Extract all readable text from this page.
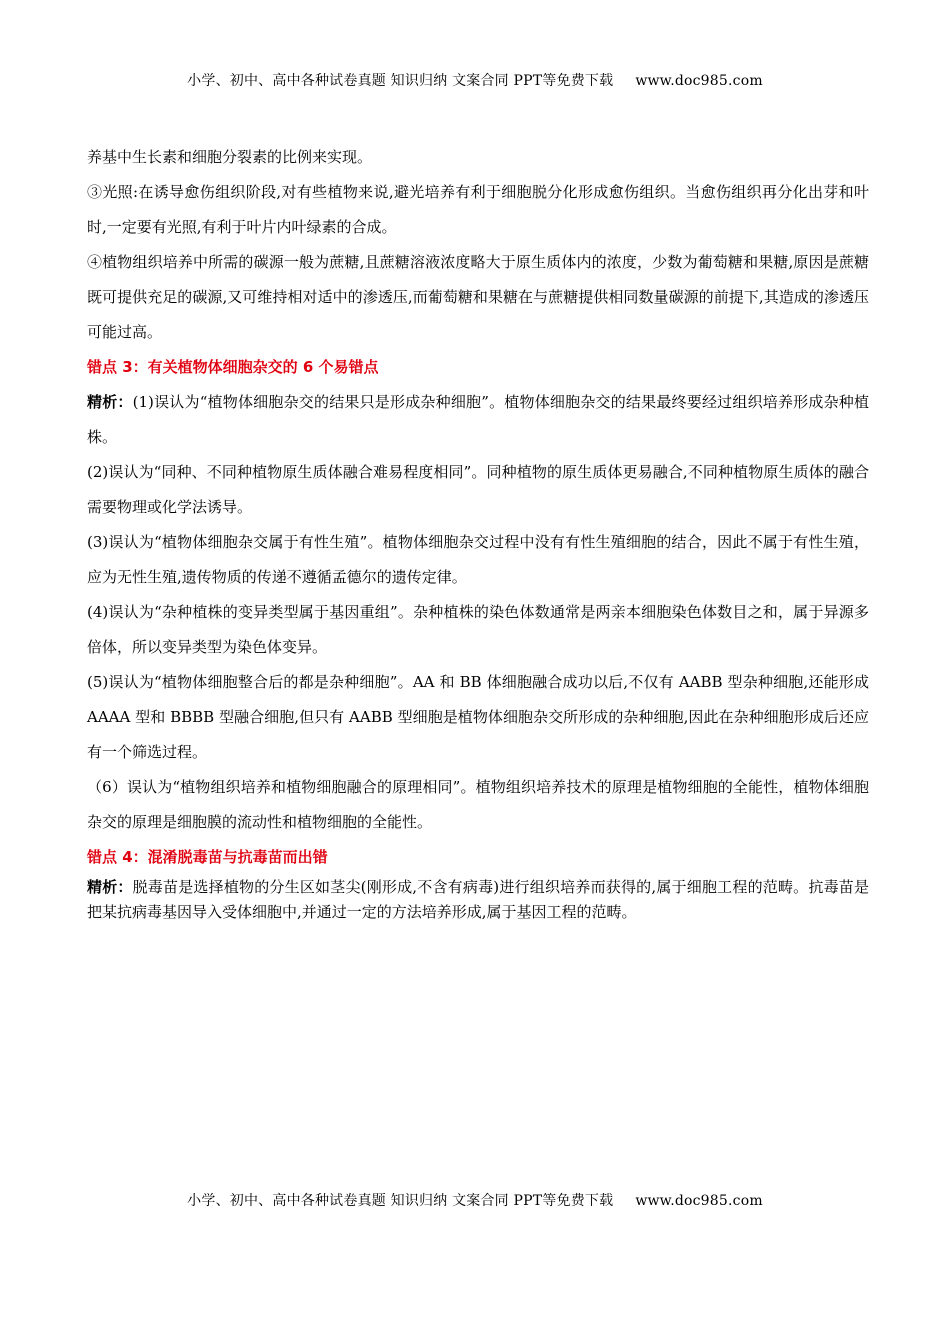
小学、初中、高中各种试卷真题 知识归纳 文案合同 PPT等免费下载 www.doc985.com

养基中生长素和细胞分裂素的比例来实现。

③光照:在诱导愈伤组织阶段,对有些植物来说,避光培养有利于细胞脱分化形成愈伤组织。当愈伤组织再分化出芽和叶时,一定要有光照,有利于叶片内叶绿素的合成。

④植物组织培养中所需的碳源一般为蔗糖,且蔗糖溶液浓度略大于原生质体内的浓度，少数为葡萄糖和果糖,原因是蔗糖既可提供充足的碳源,又可维持相对适中的渗透压,而葡萄糖和果糖在与蔗糖提供相同数量碳源的前提下,其造成的渗透压可能过高。

错点 3：有关植物体细胞杂交的 6 个易错点

精析：(1)误认为“植物体细胞杂交的结果只是形成杂种细胞”。植物体细胞杂交的结果最终要经过组织培养形成杂种植株。

(2)误认为“同种、不同种植物原生质体融合难易程度相同”。同种植物的原生质体更易融合,不同种植物原生质体的融合需要物理或化学法诱导。

(3)误认为“植物体细胞杂交属于有性生殖”。植物体细胞杂交过程中没有有性生殖细胞的结合，因此不属于有性生殖，应为无性生殖,遗传物质的传递不遵循孟德尔的遗传定律。

(4)误认为“杂种植株的变异类型属于基因重组”。杂种植株的染色体数通常是两亲本细胞染色体数目之和，属于异源多倍体，所以变异类型为染色体变异。

(5)误认为“植物体细胞整合后的都是杂种细胞”。AA 和 BB 体细胞融合成功以后,不仅有 AABB 型杂种细胞,还能形成 AAAA 型和 BBBB 型融合细胞,但只有 AABB 型细胞是植物体细胞杂交所形成的杂种细胞,因此在杂种细胞形成后还应有一个筛选过程。

（6）误认为“植物组织培养和植物细胞融合的原理相同”。植物组织培养技术的原理是植物细胞的全能性，植物体细胞杂交的原理是细胞膜的流动性和植物细胞的全能性。

错点 4：混淆脱毒苗与抗毒苗而出错

精析：脱毒苗是选择植物的分生区如茎尖(刚形成,不含有病毒)进行组织培养而获得的,属于细胞工程的范畴。抗毒苗是把某抗病毒基因导入受体细胞中,并通过一定的方法培养形成,属于基因工程的范畴。

小学、初中、高中各种试卷真题 知识归纳 文案合同 PPT等免费下载 www.doc985.com
